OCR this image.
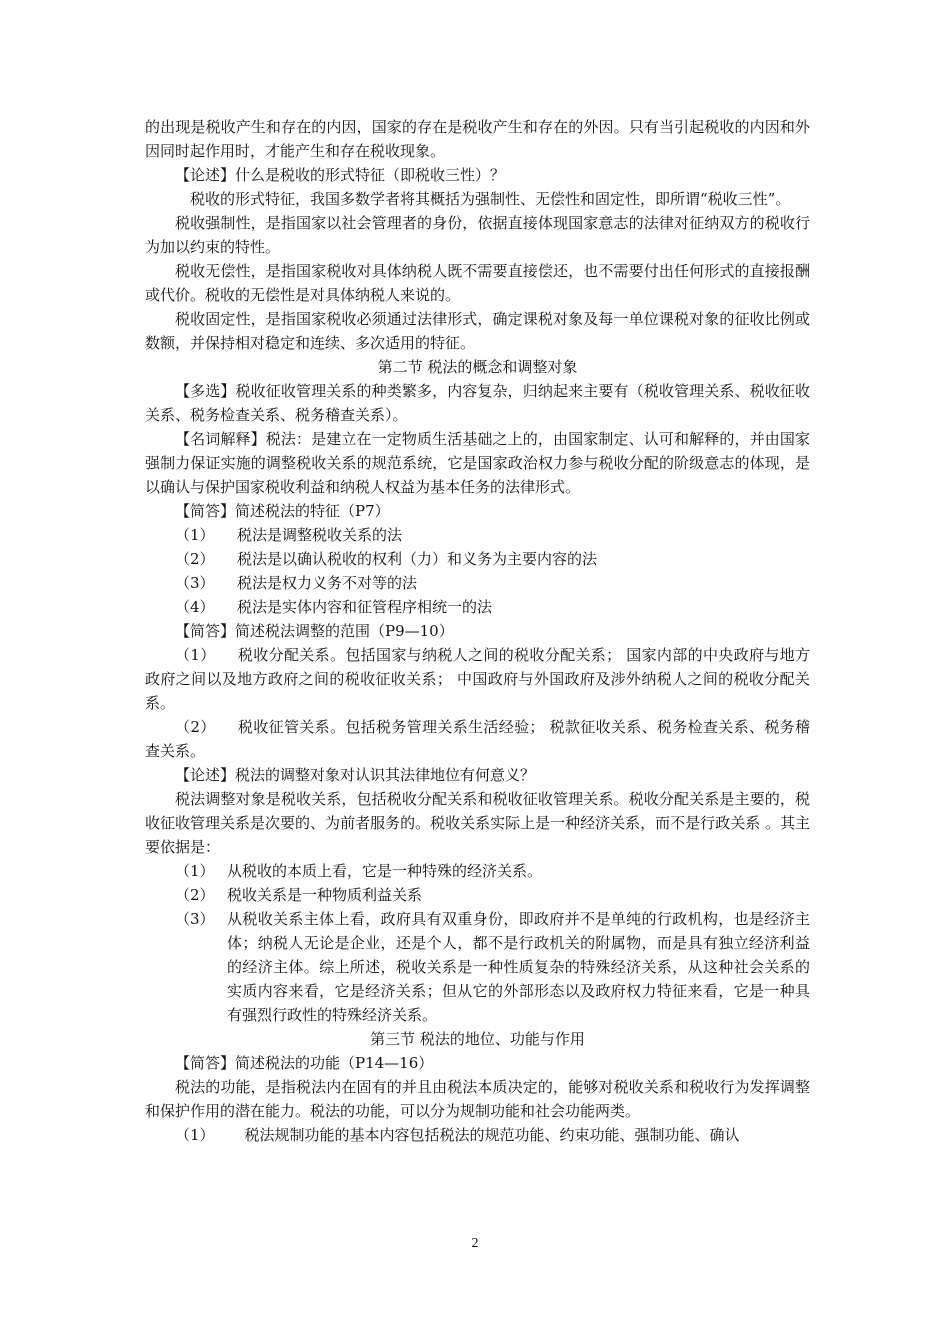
的出现是税收产生和存在的内因，国家的存在是税收产生和存在的外因。只有当引起税收的内因和外因同时起作用时，才能产生和存在税收现象。

【论述】什么是税收的形式特征（即税收三性）？

税收的形式特征，我国多数学者将其概括为强制性、无偿性和固定性，即所谓“税收三性”。

税收强制性，是指国家以社会管理者的身份，依据直接体现国家意志的法律对征纳双方的税收行为加以约束的特性。

税收无偿性，是指国家税收对具体纳税人既不需要直接偿还，也不需要付出任何形式的直接报酬或代价。税收的无偿性是对具体纳税人来说的。

税收固定性，是指国家税收必须通过法律形式，确定课税对象及每一单位课税对象的征收比例或数额，并保持相对稳定和连续、多次适用的特征。

第二节 税法的概念和调整对象

【多选】税收征收管理关系的种类繁多，内容复杂，归纳起来主要有（税收管理关系、税收征收关系、税务检查关系、税务稽查关系）。

【名词解释】税法：是建立在一定物质生活基础之上的，由国家制定、认可和解释的，并由国家强制力保证实施的调整税收关系的规范系统，它是国家政治权力参与税收分配的阶级意志的体现，是以确认与保护国家税收利益和纳税人权益为基本任务的法律形式。

【简答】简述税法的特征（P7）

（1）	税法是调整税收关系的法
（2）	税法是以确认税收的权利（力）和义务为主要内容的法
（3）	税法是权力义务不对等的法
（4）	税法是实体内容和征管程序相统一的法

【简答】简述税法调整的范围（P9—10）

（1） 税收分配关系。包括国家与纳税人之间的税收分配关系； 国家内部的中央政府与地方政府之间以及地方政府之间的税收征收关系； 中国政府与外国政府及涉外纳税人之间的税收分配关系。

（2） 税收征管关系。包括税务管理关系生活经验； 税款征收关系、税务检查关系、税务稽查关系。

【论述】税法的调整对象对认识其法律地位有何意义？

税法调整对象是税收关系，包括税收分配关系和税收征收管理关系。税收分配关系是主要的，税收征收管理关系是次要的、为前者服务的。税收关系实际上是一种经济关系，而不是行政关系 。其主要依据是：

（1） 从税收的本质上看，它是一种特殊的经济关系。
（2） 税收关系是一种物质利益关系
（3） 从税收关系主体上看，政府具有双重身份，即政府并不是单纯的行政机构，也是经济主体；纳税人无论是企业，还是个人，都不是行政机关的附属物，而是具有独立经济利益的经济主体。综上所述，税收关系是一种性质复杂的特殊经济关系，从这种社会关系的实质内容来看，它是经济关系；但从它的外部形态以及政府权力特征来看，它是一种具有强烈行政性的特殊经济关系。

第三节 税法的地位、功能与作用

【简答】简述税法的功能（P14—16）

税法的功能，是指税法内在固有的并且由税法本质决定的，能够对税收关系和税收行为发挥调整和保护作用的潜在能力。税法的功能，可以分为规制功能和社会功能两类。

（1） 税法规制功能的基本内容包括税法的规范功能、约束功能、强制功能、确认

2
